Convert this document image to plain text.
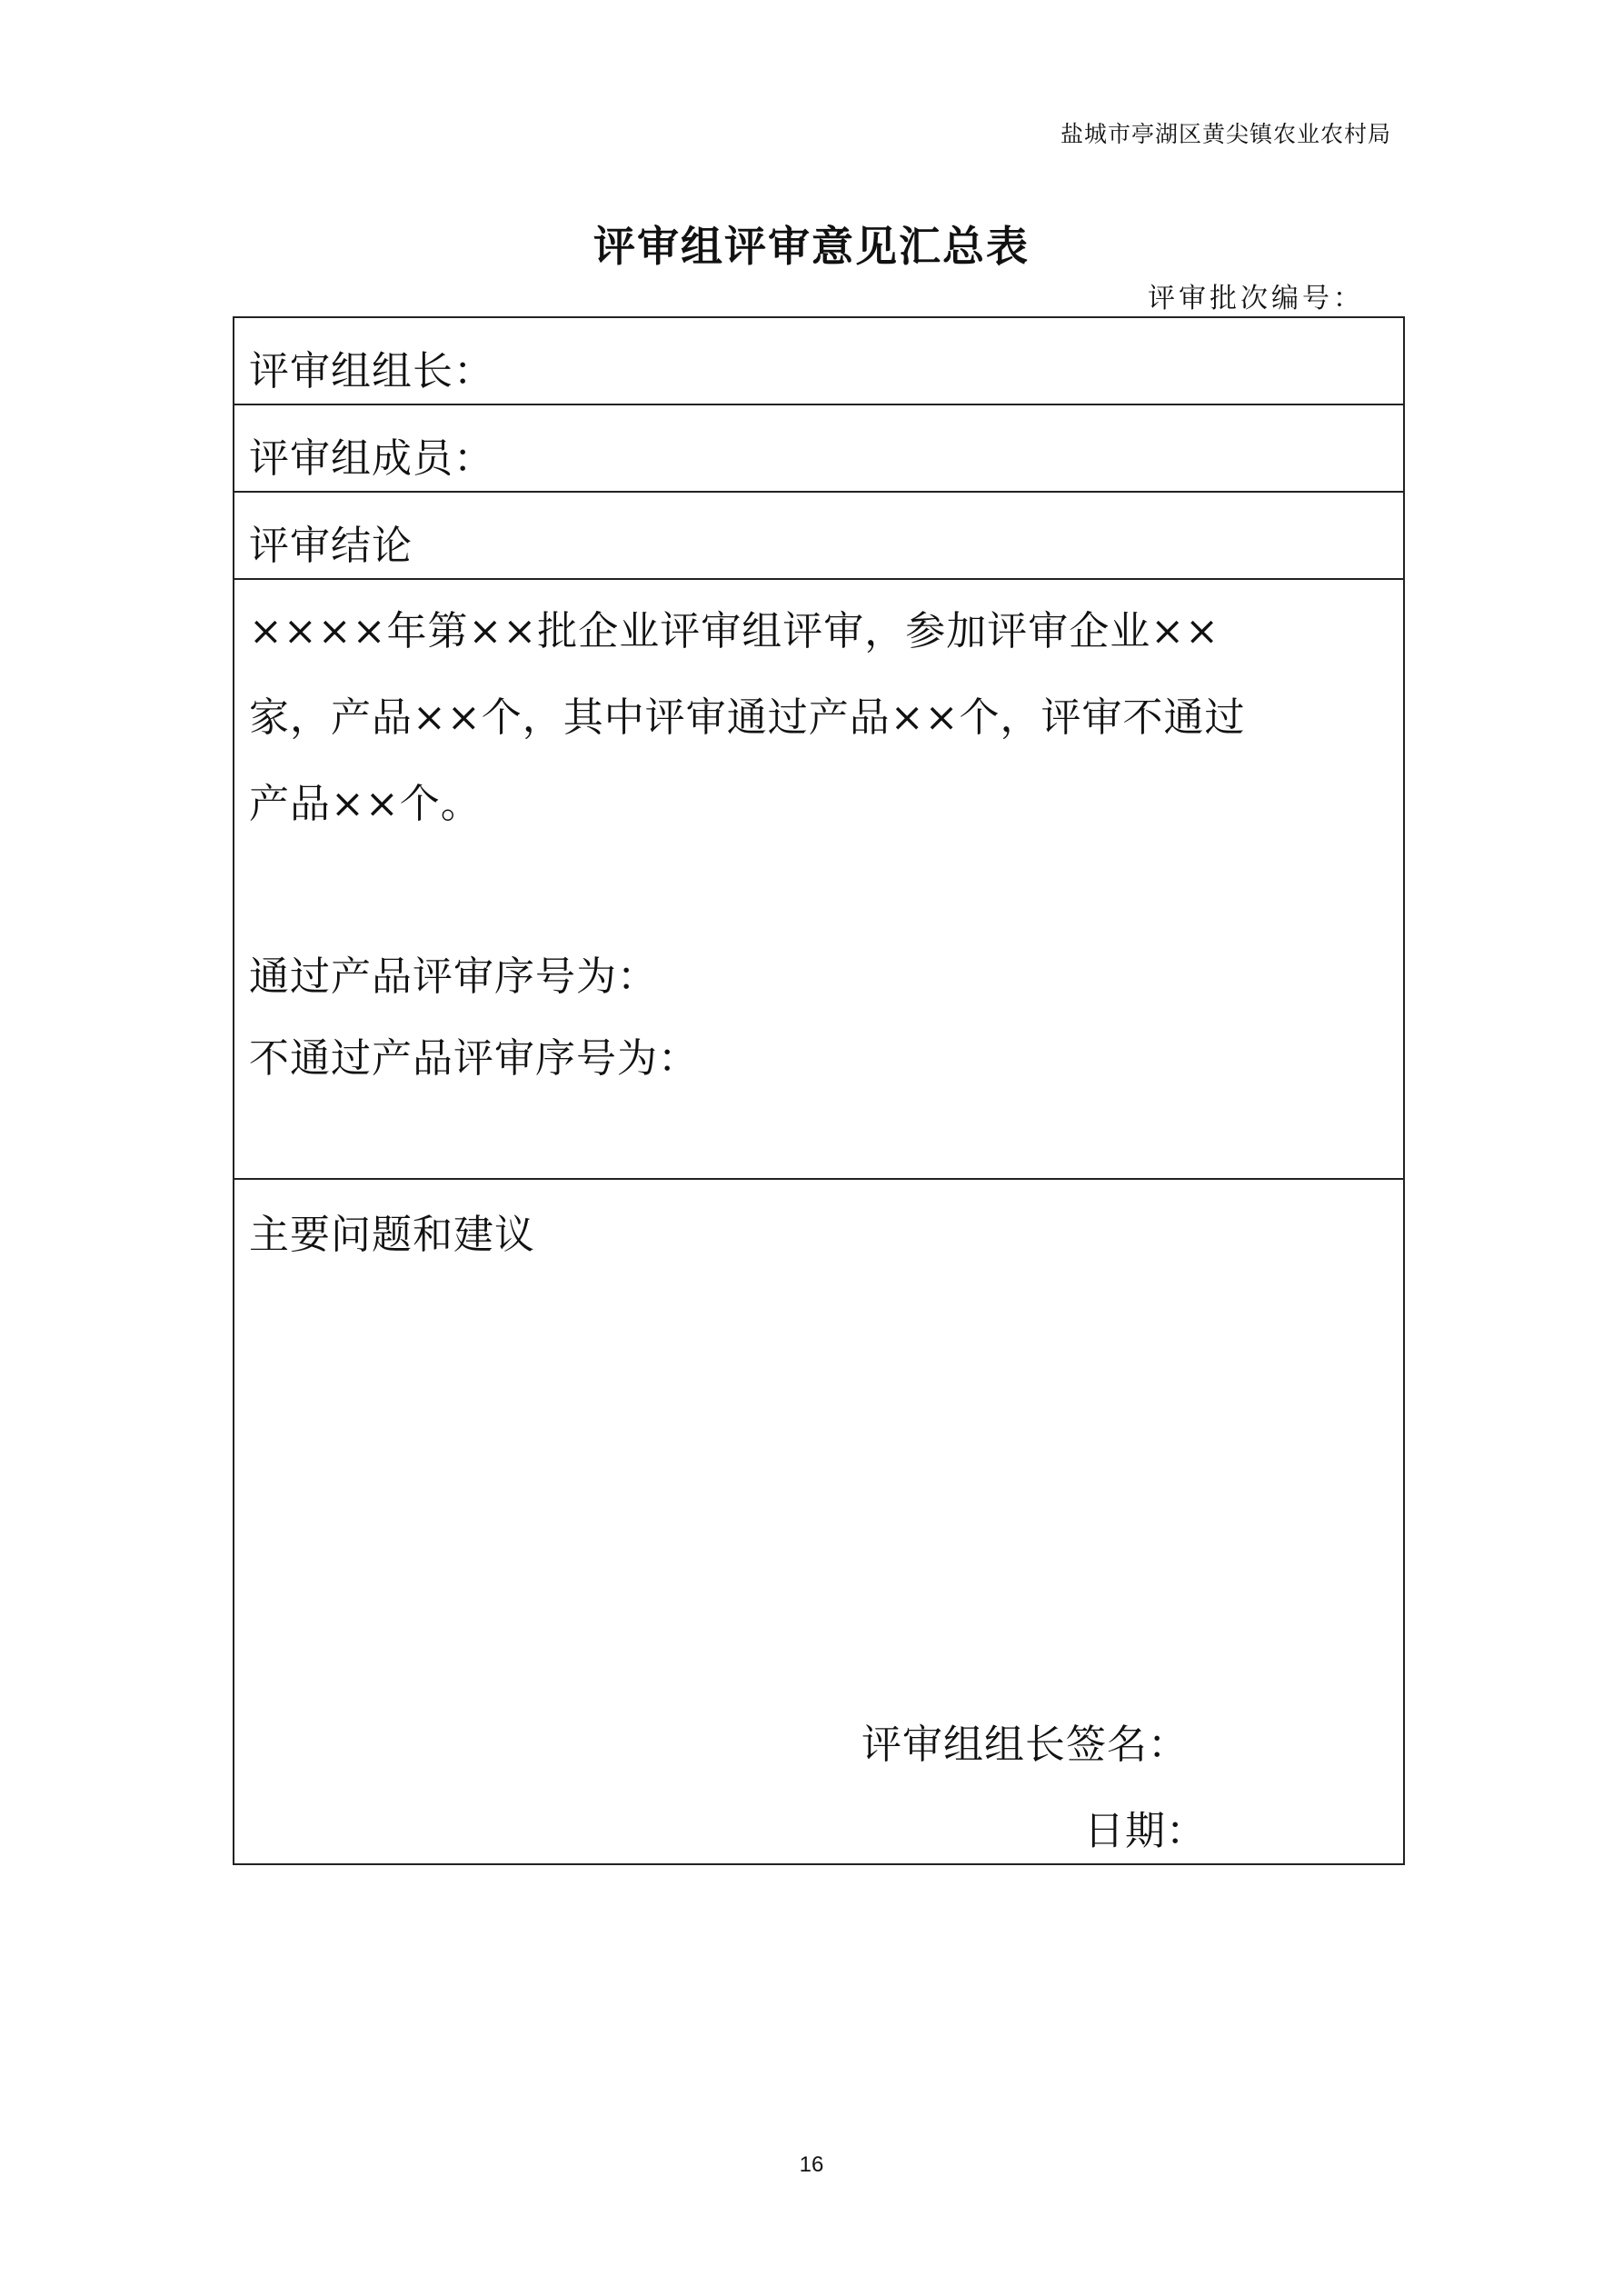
盐城市亭湖区黄尖镇农业农村局
评审组评审意见汇总表
评审批次编号：
评审组组长：
评审组成员：
评审结论
××××年第××批企业评审组评审，参加评审企业××
家，产品××个，其中评审通过产品××个，评审不通过
产品××个。
通过产品评审序号为：
不通过产品评审序号为：
主要问题和建议
评审组组长签名：
日期：
16
